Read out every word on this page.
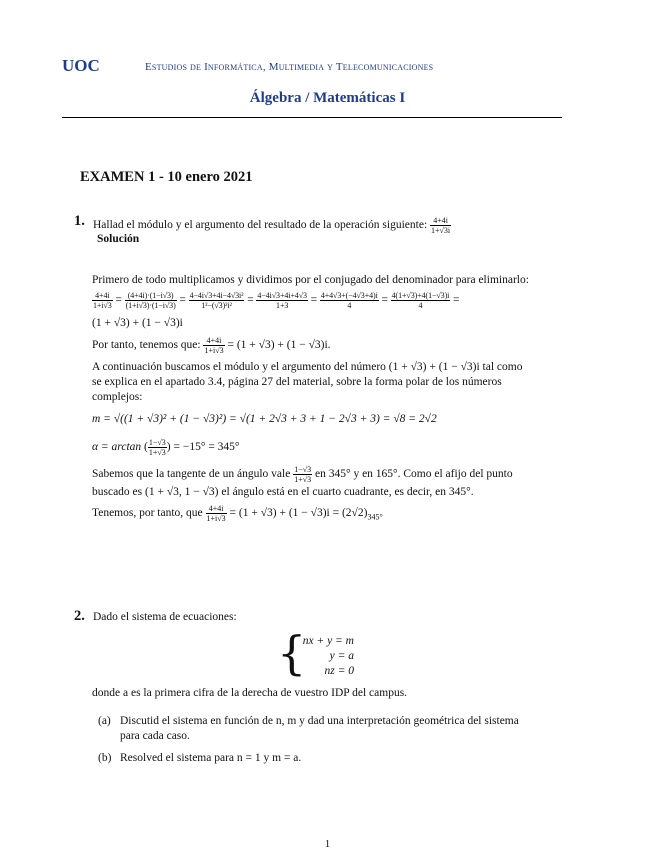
UOC	Estudios de Informática, Multimedia y Telecomunicaciones
Álgebra / Matemáticas I
EXAMEN 1 - 10 enero 2021
1. Hallad el módulo y el argumento del resultado de la operación siguiente: $\frac{4+4i}{1+√3i}$
Solución
Primero de todo multiplicamos y dividimos por el conjugado del denominador para eliminarlo:
$\frac{4+4i}{1+i√3} = \frac{(4+4i)\cdot(1-i√3)}{(1+i√3)\cdot(1-i√3)} = \frac{\text{4−4i√3+4i−4√3i²}}{\text{1²−(√3)²i²}} = \frac{4-4i√3+4i+4√3}{1+3} = \frac{4+4√3+(-4√3+4)i}{4} = \frac{4(1+√3)+4(1-√3)i}{4}$ =
(1 + √3) + (1 − √3)i
Por tanto, tenemos que: $\frac{4+4i}{1+i√3} = (1 + √3) + (1 - √3)i$.
A continuación buscamos el módulo y el argumento del número (1 + √3) + (1 − √3)i tal como
se explica en el apartado 3.4, página 27 del material, sobre la forma polar de los números
complejos:
m = √((1 + √3)² + (1 − √3)²) = √(1 + 2√3 + 3 + 1 − 2√3 + 3) = √8 = 2√2
α = arctan ( $\frac{1-√3}{1+√3}$ ) = −15° = 345°
Sabemos que la tangente de un ángulo vale $\frac{1-√3}{1+√3}$ en 345° y en 165°. Como el afijo del punto
buscado es (1 + √3, 1 − √3) el ángulo está en el cuarto cuadrante, es decir, en 345°.
Tenemos, por tanto, que $\frac{4+4i}{1+i√3} = (1 + √3) + (1 - √3)i = (2√2)_{345^\circ}$
2. Dado el sistema de ecuaciones:
{
nx + y = m
y = a
nz = 0
donde a es la primera cifra de la derecha de vuestro IDP del campus.
(a) Discutid el sistema en función de n, m y dad una interpretación geométrica del sistema
para cada caso.
(b) Resolved el sistema para n = 1 y m = a.
1
